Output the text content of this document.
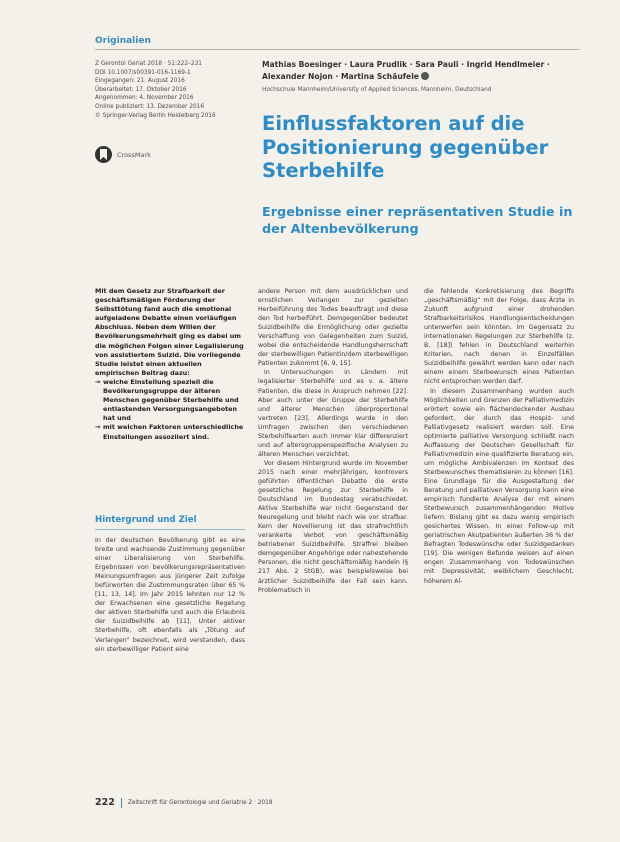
Originalien
Z Gerontol Geriat 2018 · 51:222–231
DOI 10.1007/s00391-016-1169-1
Eingegangen: 21. August 2016
Überarbeitet: 17. Oktober 2016
Angenommen: 4. November 2016
Online publiziert: 13. Dezember 2016
© Springer-Verlag Berlin Heidelberg 2016
CrossMark
Mathias Boesinger · Laura Prudlik · Sara Pauli · Ingrid Hendlmeier ·
Alexander Nojon · Martina Schäufele
Hochschule Mannheim/University of Applied Sciences, Mannheim, Deutschland
Einflussfaktoren auf die Positionierung gegenüber Sterbehilfe
Ergebnisse einer repräsentativen Studie in der Altenbevölkerung
Mit dem Gesetz zur Strafbarkeit der geschäftsmäßigen Förderung der Selbsttötung fand auch die emotional aufgeladene Debatte einen vorläufigen Abschluss. Neben dem Willen der Bevölkerungsmehrheit ging es dabei um die möglichen Folgen einer Legalisierung von assistiertem Suizid. Die vorliegende Studie leistet einen aktuellen empirischen Beitrag dazu:
→ welche Einstellung speziell die Bevölkerungsgruppe der älteren Menschen gegenüber Sterbehilfe und entlastenden Versorgungsangeboten hat und
→ mit welchen Faktoren unterschiedliche Einstellungen assoziiert sind.
Hintergrund und Ziel

In der deutschen Bevölkerung gibt es eine breite und wachsende Zustimmung gegenüber einer Liberalisierung von Sterbehilfe. Ergebnissen von bevölkerungsrepräsentativen Meinungsumfragen aus jüngerer Zeit zufolge befürworten die Zustimmungsraten über 65 % [11, 13, 14]. Im Jahr 2015 lehnten nur 12 % der Erwachsenen eine gesetzliche Regelung der aktiven Sterbehilfe und auch die Erlaubnis der Suizidbeihilfe ab [11]. Unter aktiver Sterbehilfe, oft ebenfalls als „Tötung auf Verlangen“ bezeichnet, wird verstanden, dass ein sterbewilliger Patient eine

andere Person mit dem ausdrücklichen und ernstlichen Verlangen zur gezielten Herbeiführung des Todes beauftragt und diese den Tod herbeiführt. Demgegenüber bedeutet Suizidbeihilfe die Ermöglichung oder gezielte Verschaffung von Gelegenheiten zum Suizid, wobei die entscheidende Handlungsherrschaft der sterbewilligen Patientin/dem sterbewilligen Patienten zukommt [6, 9, 15].

In Untersuchungen in Ländern mit legalisierter Sterbehilfe und es v. a. ältere Patienten, die diese in Anspruch nehmen [22]. Aber auch unter der Gruppe der Sterbehilfe und älterer Menschen überproportional vertreten [23]. Allerdings wurde in den Umfragen zwischen den verschiedenen Sterbehilfearten auch immer klar differenziert und auf altersgruppenspezifische Analysen zu älteren Menschen verzichtet.

Vor diesem Hintergrund wurde im November 2015 nach einer mehrjährigen, kontrovers geführten öffentlichen Debatte die erste gesetzliche Regelung zur Sterbehilfe in Deutschland im Bundestag verabschiedet. Aktive Sterbehilfe war nicht Gegenstand der Neuregelung und bleibt nach wie vor strafbar. Kern der Novellierung ist das strafrechtlich verankerte Verbot von geschäftsmäßig betriebener Suizidbeihilfe. Straffrei bleiben demgegenüber Angehörige oder nahestehende Personen, die nicht geschäftsmäßig handeln (§ 217 Abs. 2 StGB), was beispielsweise bei ärztlicher Suizidbeihilfe der Fall sein kann. Problematisch in

die fehlende Konkretisierung des Begriffs „geschäftsmäßig“ mit der Folge, dass Ärzte in Zukunft aufgrund einer drohenden Strafbarkeitsrisikos Handlungsentscheidungen unterwerfen sein könnten. Im Gegensatz zu internationalen Regelungen zur Sterbehilfe (z. B. [18]) fehlen in Deutschland weiterhin Kriterien, nach denen in Einzelfällen Suizidbeihilfe gewährt werden kann oder nach einem einem Sterbewunsch eines Patienten nicht entsprochen werden darf.

In diesem Zusammenhang wurden auch Möglichkeiten und Grenzen der Palliativmedizin erörtert sowie ein flächendeckender Ausbau gefordert, der durch das Hospiz- und Palliativgesetz realisiert werden soll. Eine optimierte palliative Versorgung schließt nach Auffassung der Deutschen Gesellschaft für Palliativmedizin eine qualifizierte Beratung ein, um mögliche Ambivalenzen im Kontext des Sterbewunsches thematisieren zu können [16]. Eine Grundlage für die Ausgestaltung der Beratung und palliativen Versorgung kann eine empirisch fundierte Analyse der mit einem Sterbewunsch zusammenhängenden Motive liefern. Bislang gibt es dazu wenig empirisch gesichertes Wissen. In einer Follow-up mit geriatrischen Akutpatienten äußerten 36 % der Befragten Todeswünsche oder Suizidgedanken [19]. Die wenigen Befunde weisen auf einen engen Zusammenhang von Todeswünschen mit Depressivität, weiblichem Geschlecht, höherem Al-

222 Zeitschrift für Gerontologie und Geriatrie 2 · 2018
